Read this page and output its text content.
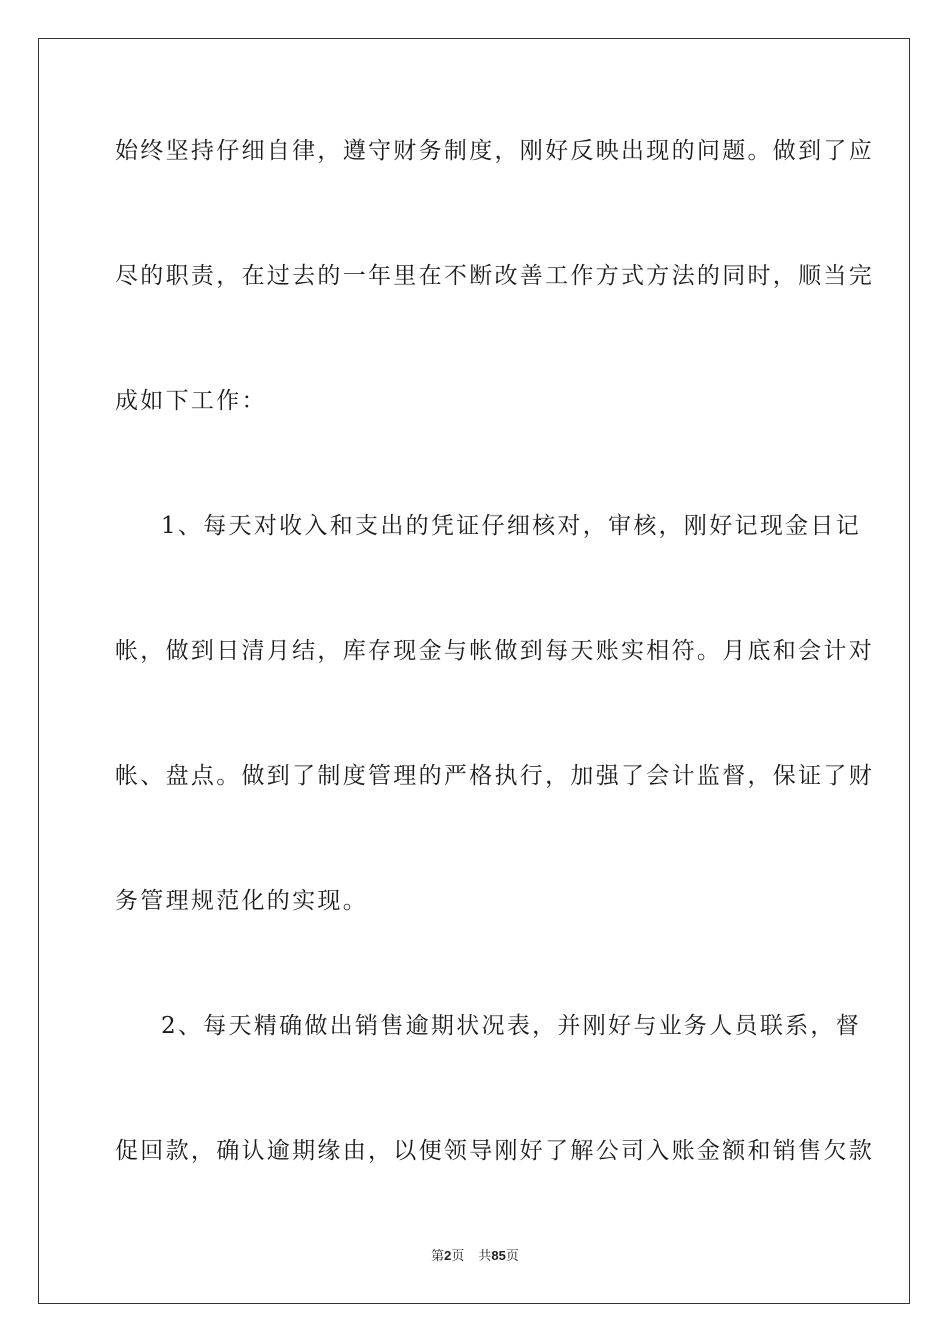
始终坚持仔细自律，遵守财务制度，刚好反映出现的问题。做到了应
尽的职责，在过去的一年里在不断改善工作方式方法的同时，顺当完
成如下工作：
1、每天对收入和支出的凭证仔细核对，审核，刚好记现金日记
帐，做到日清月结，库存现金与帐做到每天账实相符。月底和会计对
帐、盘点。做到了制度管理的严格执行，加强了会计监督，保证了财
务管理规范化的实现。
2、每天精确做出销售逾期状况表，并刚好与业务人员联系，督
促回款，确认逾期缘由，以便领导刚好了解公司入账金额和销售欠款
第2页 共85页
